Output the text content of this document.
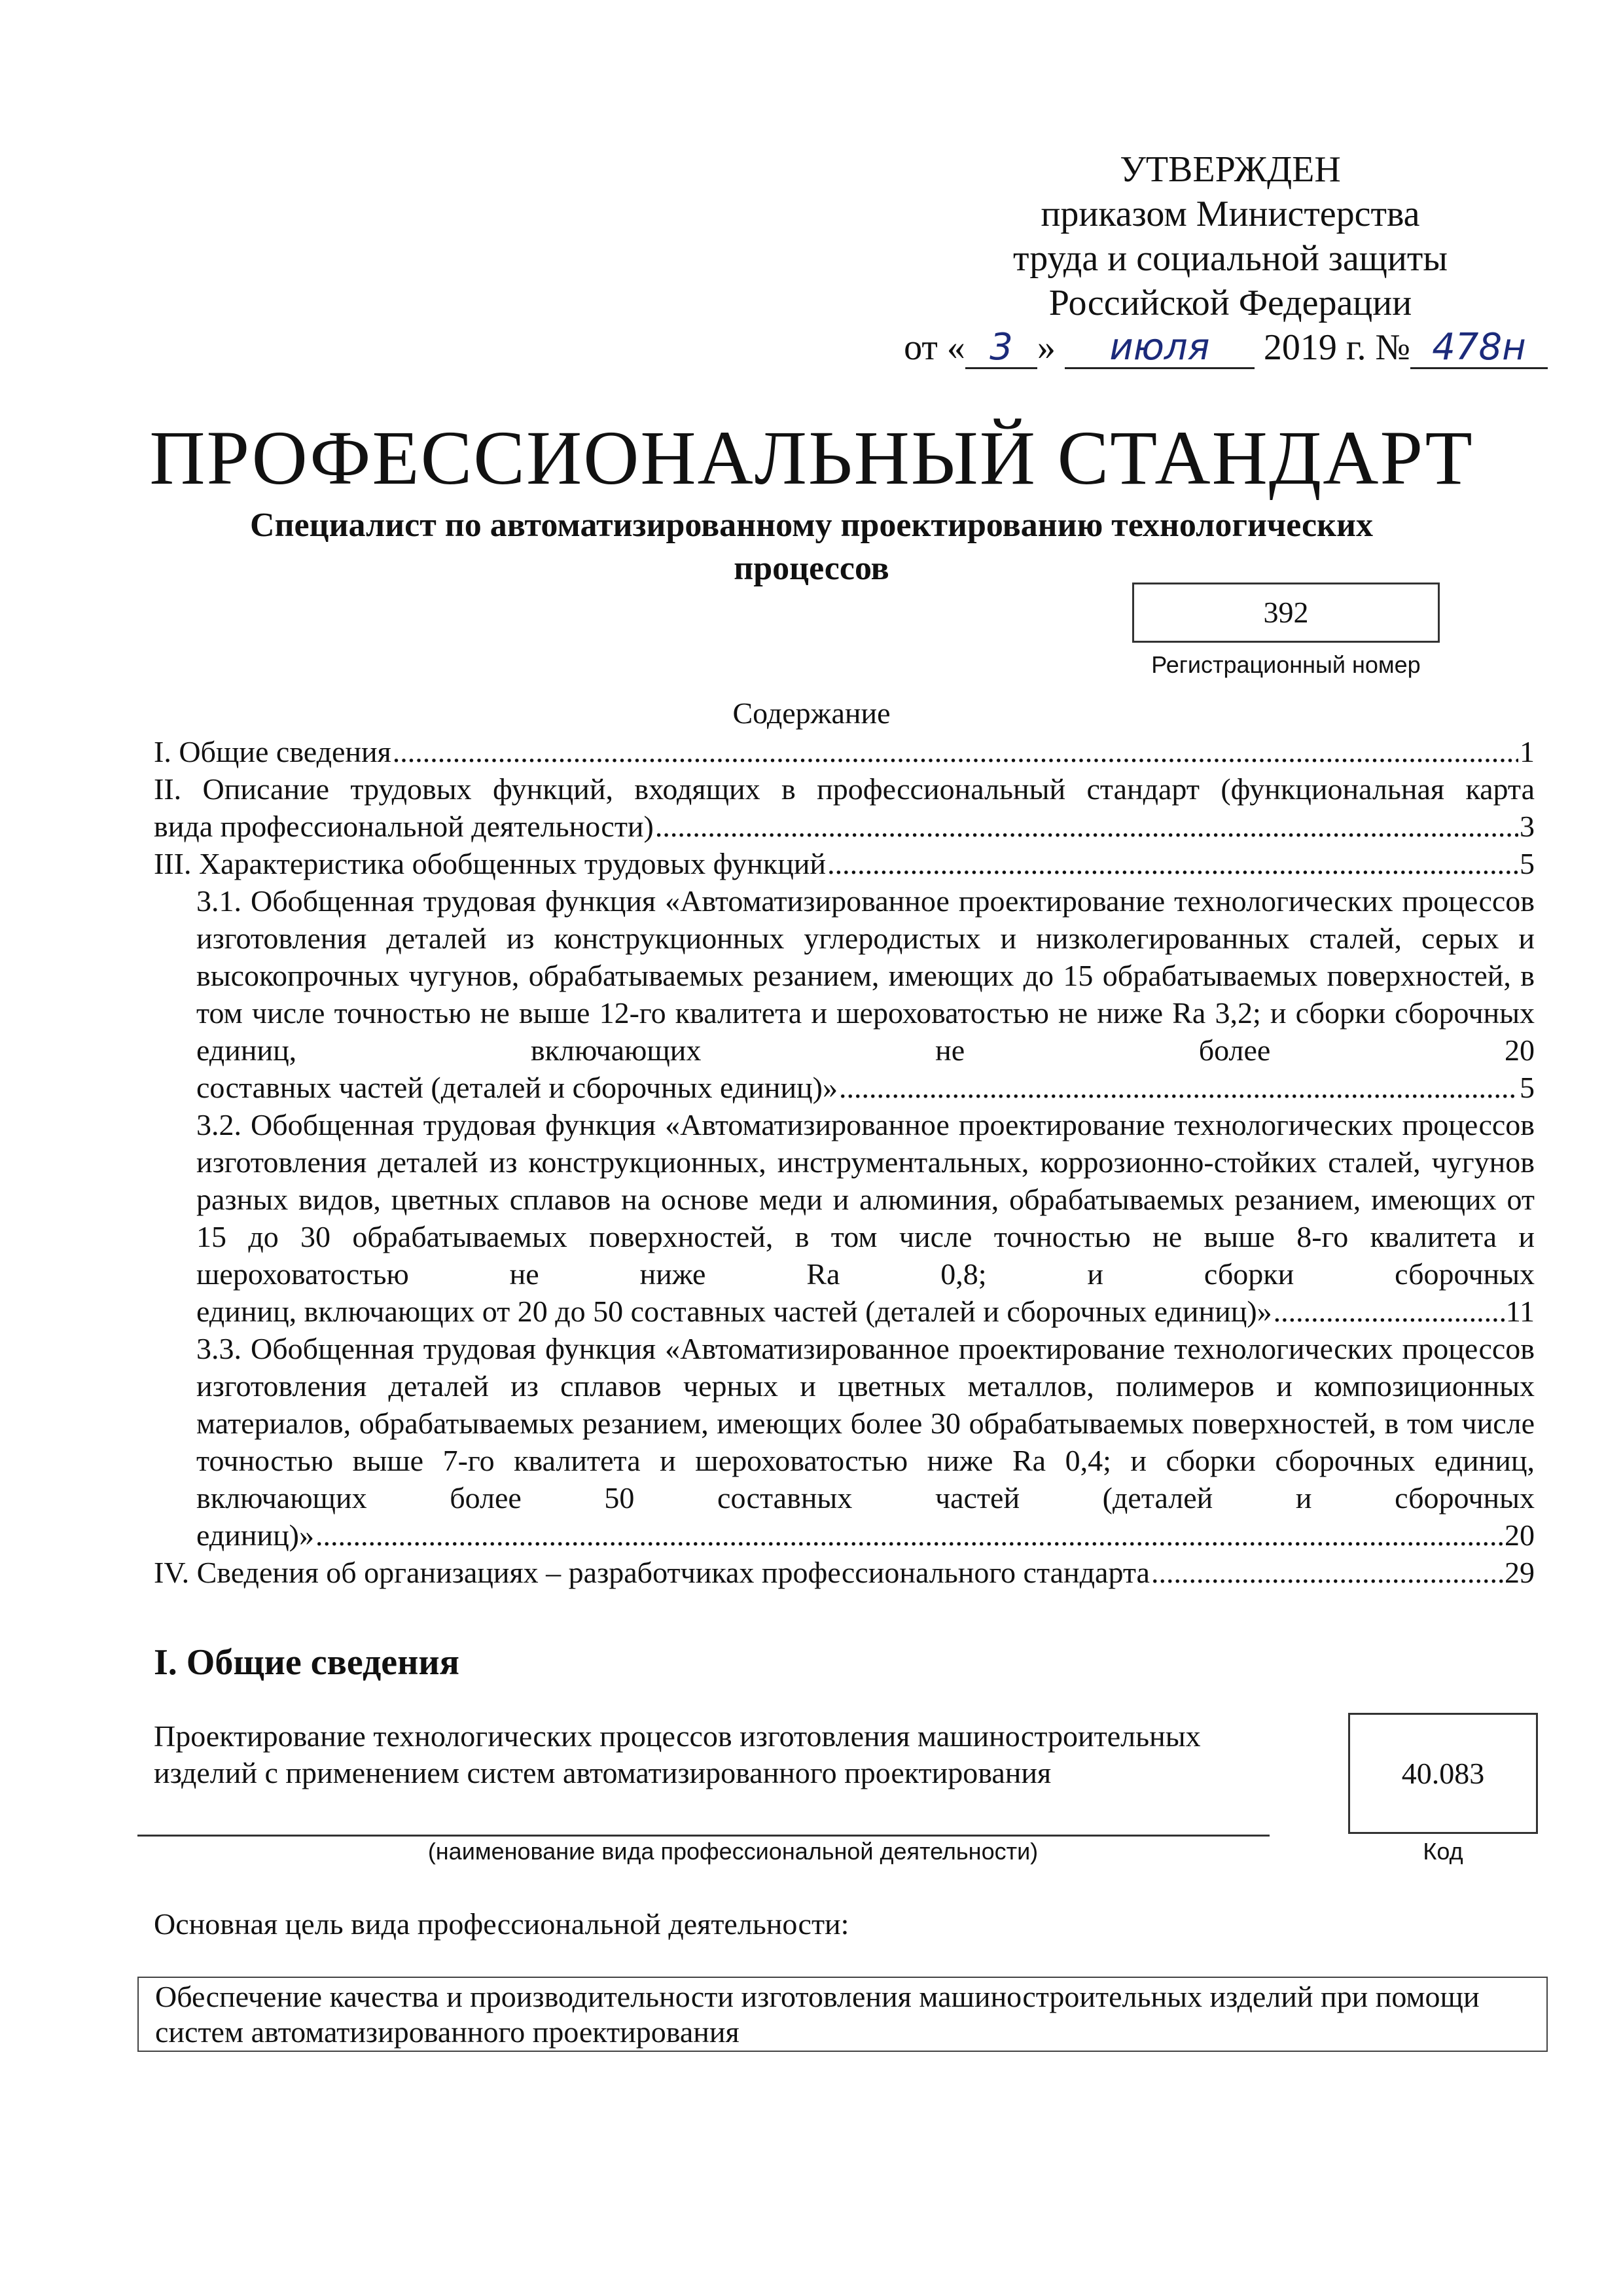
УТВЕРЖДЕН
приказом Министерства
труда и социальной защиты
Российской Федерации
от « 3 » июля 2019 г. № 478н
ПРОФЕССИОНАЛЬНЫЙ СТАНДАРТ
Специалист по автоматизированному проектированию технологических процессов
392
Регистрационный номер
Содержание
I. Общие сведения .....	1
II. Описание трудовых функций, входящих в профессиональный стандарт (функциональная карта
вида профессиональной деятельности) .....	3
III. Характеристика обобщенных трудовых функций .....	5
3.1. Обобщенная трудовая функция «Автоматизированное проектирование технологических процессов изготовления деталей из конструкционных углеродистых и низколегированных сталей, серых и высокопрочных чугунов, обрабатываемых резанием, имеющих до 15 обрабатываемых поверхностей, в том числе точностью не выше 12-го квалитета и шероховатостью не ниже Ra 3,2; и сборки сборочных единиц, включающих не более 20
составных частей (деталей и сборочных единиц)» .....	5
3.2. Обобщенная трудовая функция «Автоматизированное проектирование технологических процессов изготовления деталей из конструкционных, инструментальных, коррозионно-стойких сталей, чугунов разных видов, цветных сплавов на основе меди и алюминия, обрабатываемых резанием, имеющих от 15 до 30 обрабатываемых поверхностей, в том числе точностью не выше 8-го квалитета и шероховатостью не ниже Ra 0,8; и сборки сборочных
единиц, включающих от 20 до 50 составных частей (деталей и сборочных единиц)» .....	11
3.3. Обобщенная трудовая функция «Автоматизированное проектирование технологических процессов изготовления деталей из сплавов черных и цветных металлов, полимеров и композиционных материалов, обрабатываемых резанием, имеющих более 30 обрабатываемых поверхностей, в том числе точностью выше 7-го квалитета и шероховатостью ниже Ra 0,4; и сборки сборочных единиц, включающих более 50 составных частей (деталей и сборочных
единиц)» .....	20
IV. Сведения об организациях – разработчиках профессионального стандарта .....	29
I. Общие сведения
Проектирование технологических процессов изготовления машиностроительных изделий с применением систем автоматизированного проектирования
(наименование вида профессиональной деятельности)
40.083
Код
Основная цель вида профессиональной деятельности:
Обеспечение качества и производительности изготовления машиностроительных изделий при помощи систем автоматизированного проектирования
